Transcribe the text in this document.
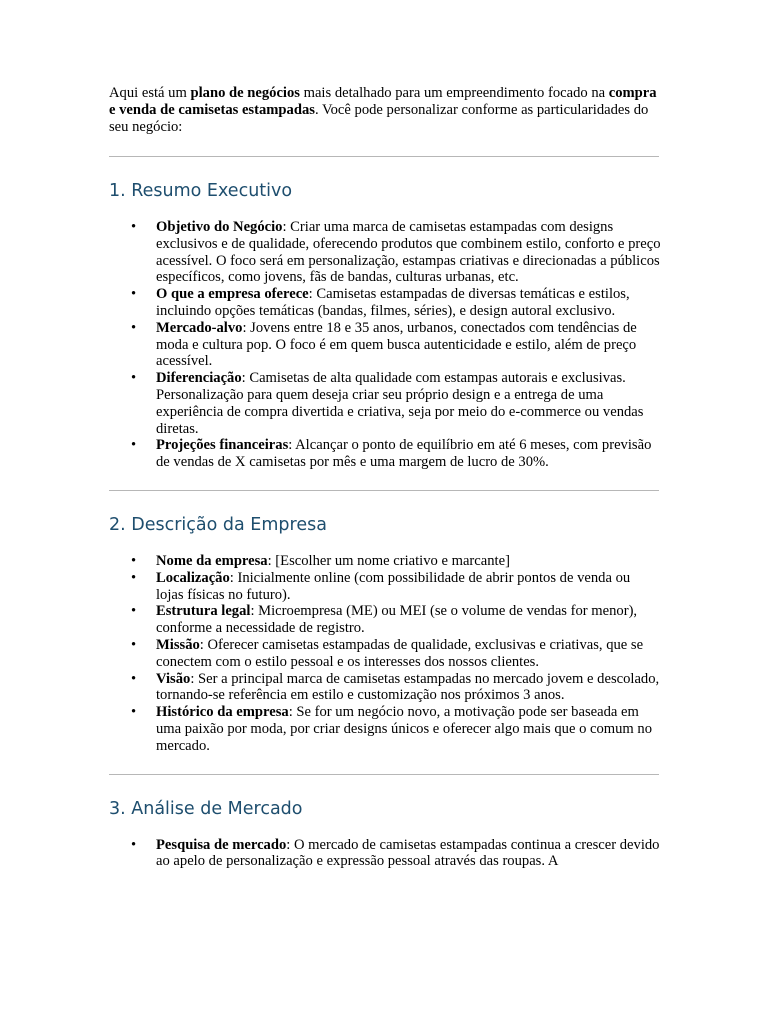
Aqui está um plano de negócios mais detalhado para um empreendimento focado na compra e venda de camisetas estampadas. Você pode personalizar conforme as particularidades do seu negócio:

1. Resumo Executivo
• Objetivo do Negócio: Criar uma marca de camisetas estampadas com designs exclusivos e de qualidade, oferecendo produtos que combinem estilo, conforto e preço acessível. O foco será em personalização, estampas criativas e direcionadas a públicos específicos, como jovens, fãs de bandas, culturas urbanas, etc.
• O que a empresa oferece: Camisetas estampadas de diversas temáticas e estilos, incluindo opções temáticas (bandas, filmes, séries), e design autoral exclusivo.
• Mercado-alvo: Jovens entre 18 e 35 anos, urbanos, conectados com tendências de moda e cultura pop. O foco é em quem busca autenticidade e estilo, além de preço acessível.
• Diferenciação: Camisetas de alta qualidade com estampas autorais e exclusivas. Personalização para quem deseja criar seu próprio design e a entrega de uma experiência de compra divertida e criativa, seja por meio do e-commerce ou vendas diretas.
• Projeções financeiras: Alcançar o ponto de equilíbrio em até 6 meses, com previsão de vendas de X camisetas por mês e uma margem de lucro de 30%.
2. Descrição da Empresa
• Nome da empresa: [Escolher um nome criativo e marcante]
• Localização: Inicialmente online (com possibilidade de abrir pontos de venda ou lojas físicas no futuro).
• Estrutura legal: Microempresa (ME) ou MEI (se o volume de vendas for menor), conforme a necessidade de registro.
• Missão: Oferecer camisetas estampadas de qualidade, exclusivas e criativas, que se conectem com o estilo pessoal e os interesses dos nossos clientes.
• Visão: Ser a principal marca de camisetas estampadas no mercado jovem e descolado, tornando-se referência em estilo e customização nos próximos 3 anos.
• Histórico da empresa: Se for um negócio novo, a motivação pode ser baseada em uma paixão por moda, por criar designs únicos e oferecer algo mais que o comum no mercado.
3. Análise de Mercado
• Pesquisa de mercado: O mercado de camisetas estampadas continua a crescer devido ao apelo de personalização e expressão pessoal através das roupas. A
